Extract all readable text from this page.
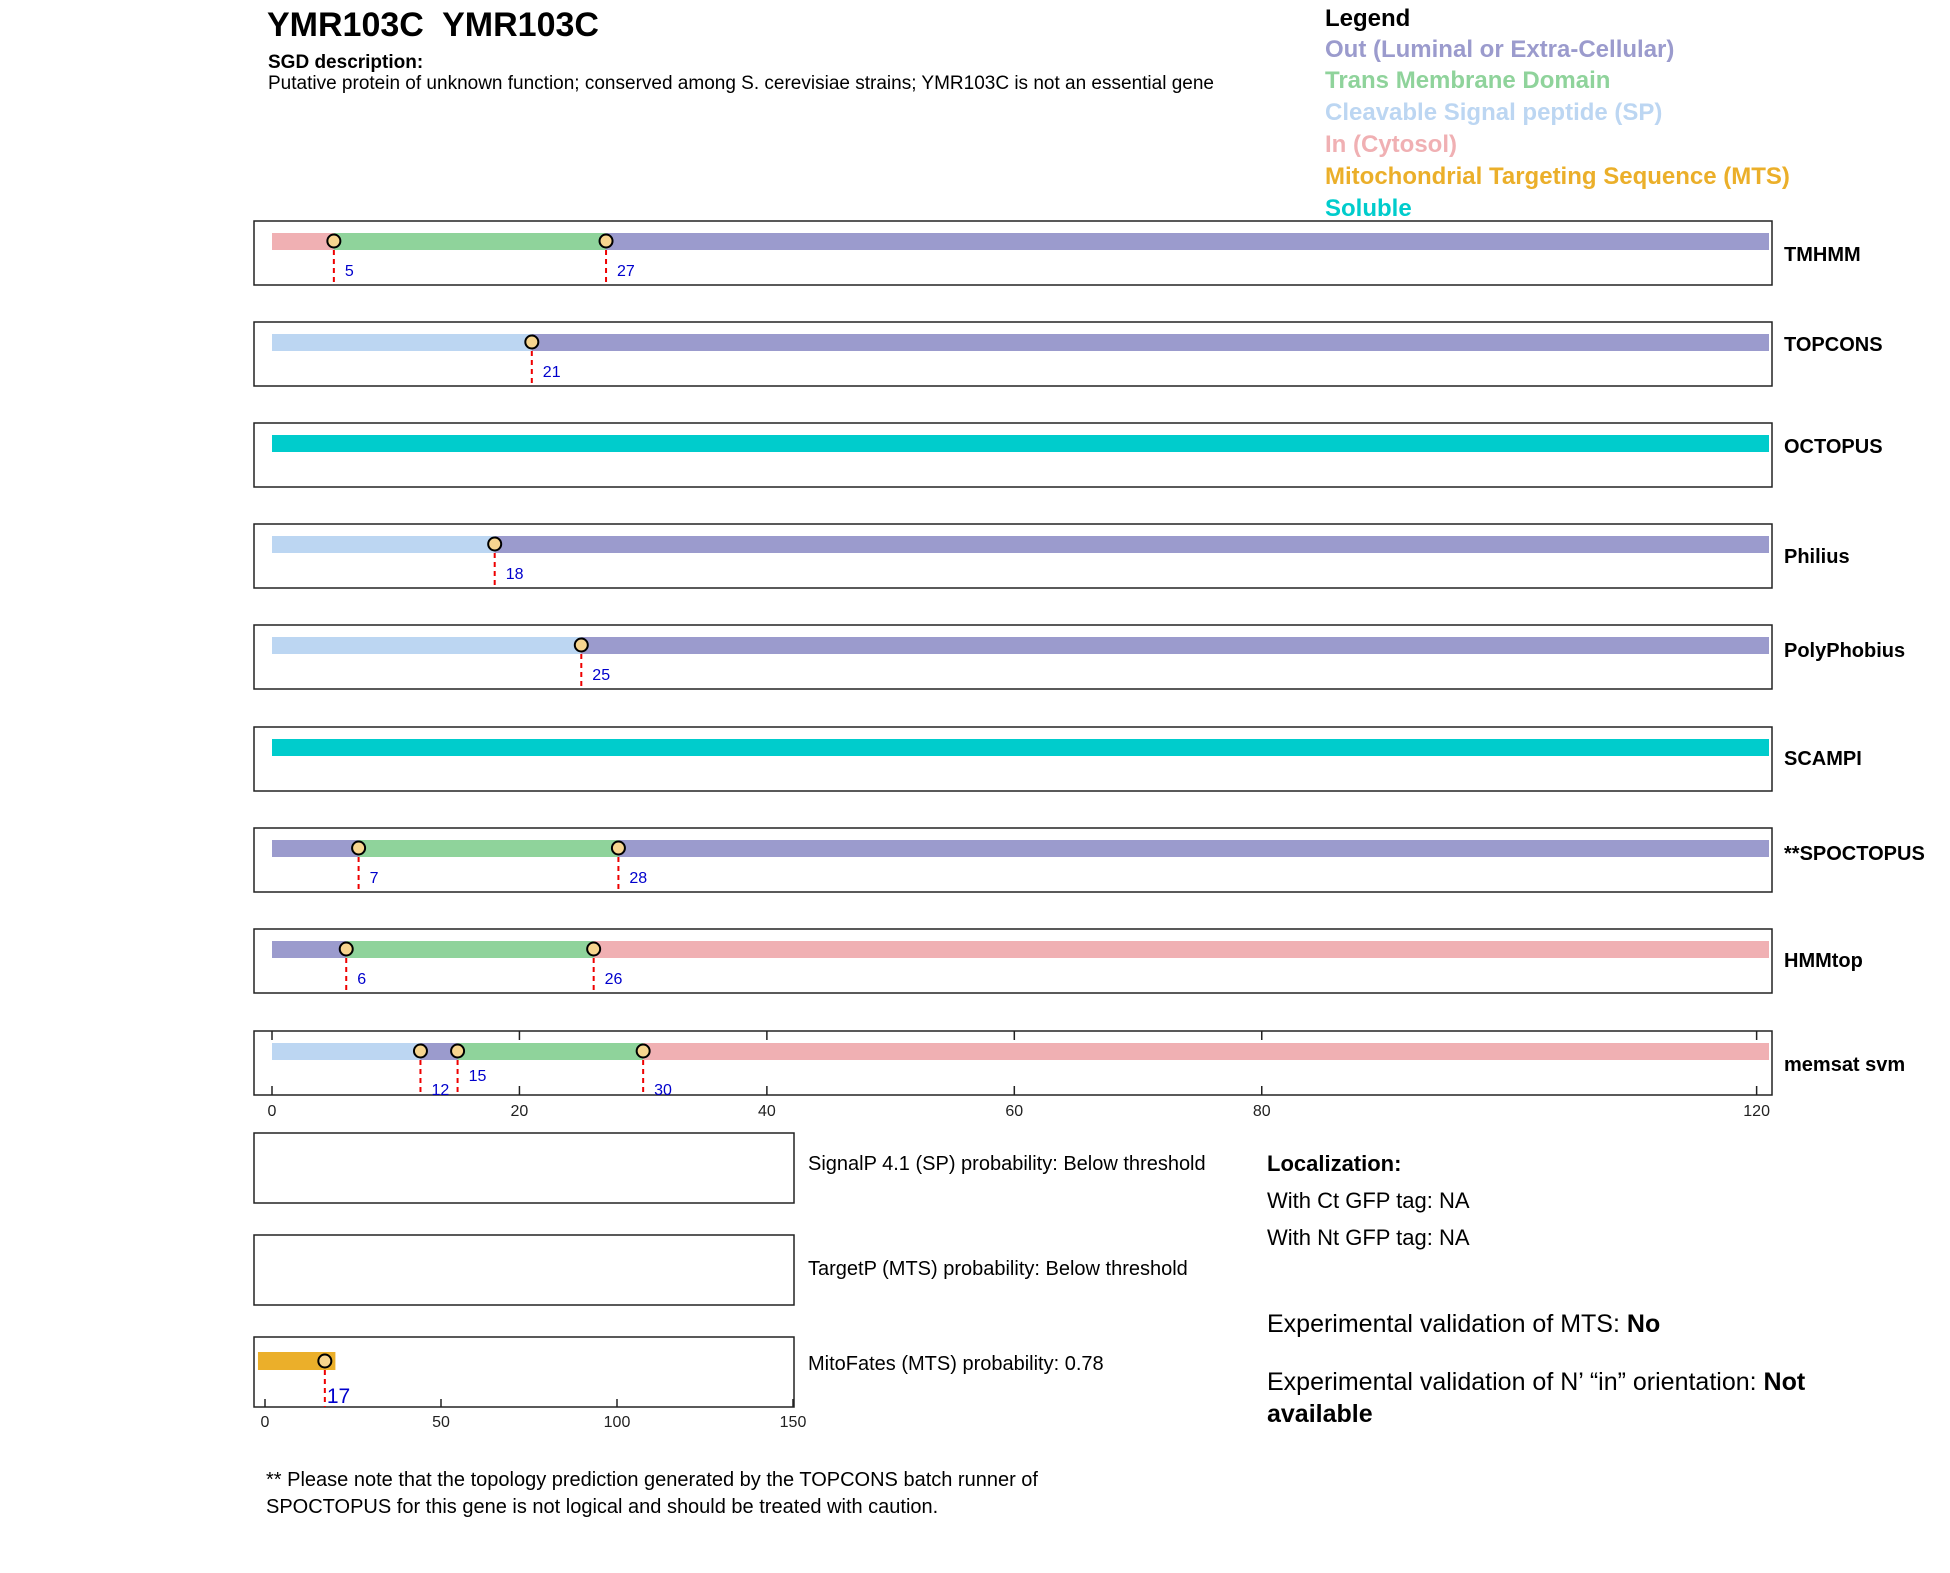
YMR103C  YMR103C
SGD description:
Putative protein of unknown function; conserved among S. cerevisiae strains; YMR103C is not an essential gene
Legend
Out (Luminal or Extra-Cellular)
Trans Membrane Domain
Cleavable Signal peptide (SP)
In (Cytosol)
Mitochondrial Targeting Sequence (MTS)
Soluble
5	27
21
18
25
7	28
6	26
12
15
30
0	20	40	60	80	120
17
0	50	100	150
TMHMM
TOPCONS
OCTOPUS
Philius
PolyPhobius
SCAMPI
**SPOCTOPUS
HMMtop
memsat svm
SignalP 4.1 (SP) probability: Below threshold
TargetP (MTS) probability: Below threshold
MitoFates (MTS) probability: 0.78
Localization:
With Ct GFP tag: NA
With Nt GFP tag: NA
Experimental validation of MTS: No
Experimental validation of N’ “in” orientation: Not available
** Please note that the topology prediction generated by the TOPCONS batch runner of SPOCTOPUS for this gene is not logical and should be treated with caution.
